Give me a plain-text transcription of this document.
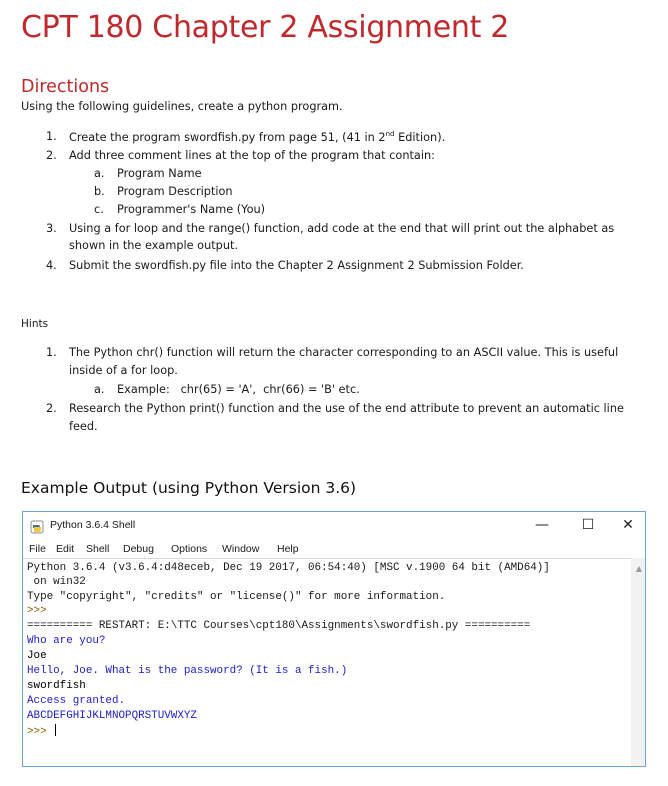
CPT 180 Chapter 2 Assignment 2
Directions
Using the following guidelines, create a python program.
1. Create the program swordfish.py from page 51, (41 in 2nd Edition).
2. Add three comment lines at the top of the program that contain:
a. Program Name
b. Program Description
c. Programmer's Name (You)
3. Using a for loop and the range() function, add code at the end that will print out the alphabet as
shown in the example output.
4. Submit the swordfish.py file into the Chapter 2 Assignment 2 Submission Folder.
Hints
1. The Python chr() function will return the character corresponding to an ASCII value. This is useful
inside of a for loop.
a. Example:   chr(65) = 'A',  chr(66) = 'B' etc.
2. Research the Python print() function and the use of the end attribute to prevent an automatic line
feed.
Example Output (using Python Version 3.6)
Python 3.6.4 Shell	—	☐	✕
File Edit Shell Debug Options Window Help
Python 3.6.4 (v3.6.4:d48eceb, Dec 19 2017, 06:54:40) [MSC v.1900 64 bit (AMD64)]
on win32
Type "copyright", "credits" or "license()" for more information.
>>>
========== RESTART: E:\TTC Courses\cpt180\Assignments\swordfish.py ==========
Who are you?
Joe
Hello, Joe. What is the password? (It is a fish.)
swordfish
Access granted.
ABCDEFGHIJKLMNOPQRSTUVWXYZ
>>>
▲
